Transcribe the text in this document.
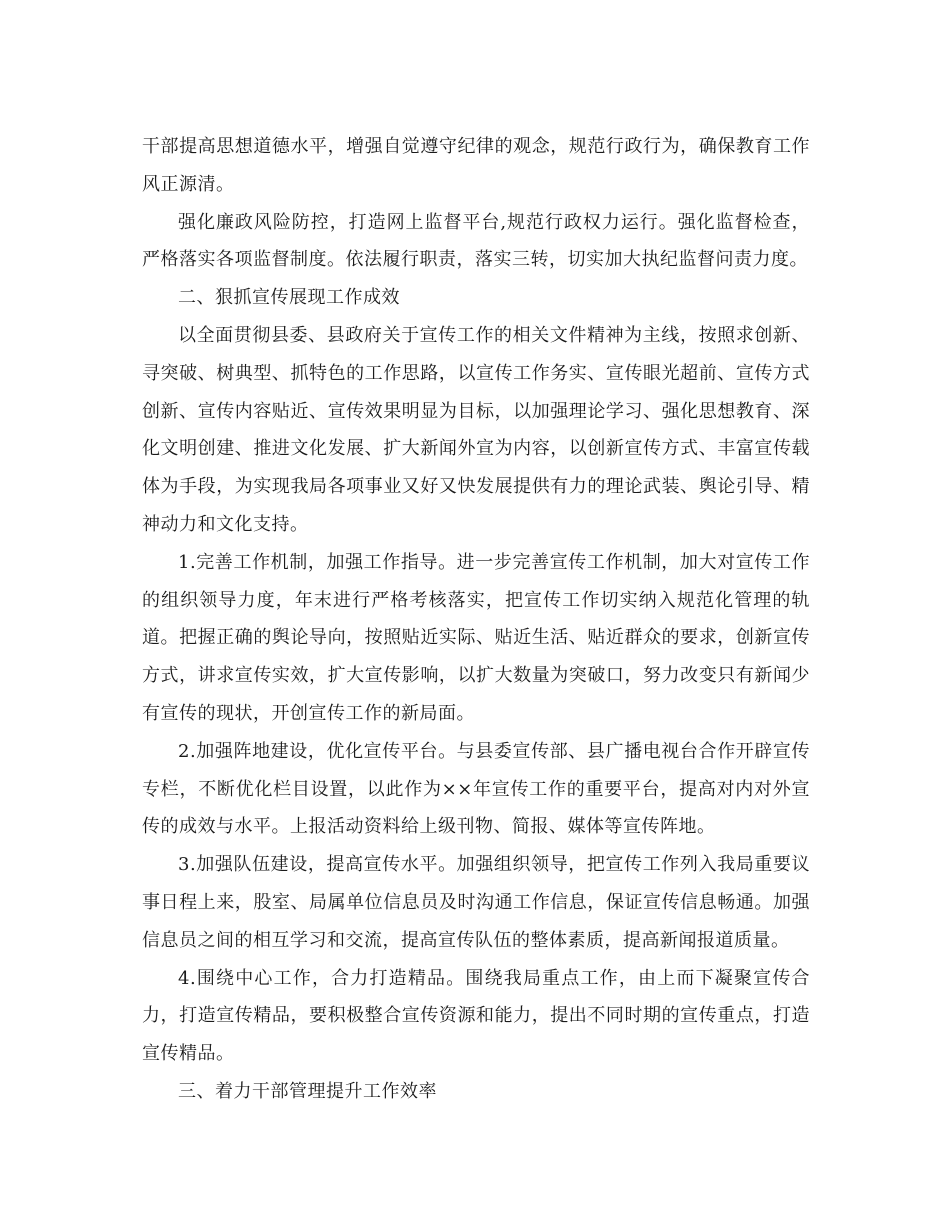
干部提高思想道德水平，增强自觉遵守纪律的观念，规范行政行为，确保教育工作风正源清。

强化廉政风险防控，打造网上监督平台,规范行政权力运行。强化监督检查，严格落实各项监督制度。依法履行职责，落实三转，切实加大执纪监督问责力度。

二、狠抓宣传展现工作成效

以全面贯彻县委、县政府关于宣传工作的相关文件精神为主线，按照求创新、寻突破、树典型、抓特色的工作思路，以宣传工作务实、宣传眼光超前、宣传方式创新、宣传内容贴近、宣传效果明显为目标，以加强理论学习、强化思想教育、深化文明创建、推进文化发展、扩大新闻外宣为内容，以创新宣传方式、丰富宣传载体为手段，为实现我局各项事业又好又快发展提供有力的理论武装、舆论引导、精神动力和文化支持。

1.完善工作机制，加强工作指导。进一步完善宣传工作机制，加大对宣传工作的组织领导力度，年末进行严格考核落实，把宣传工作切实纳入规范化管理的轨道。把握正确的舆论导向，按照贴近实际、贴近生活、贴近群众的要求，创新宣传方式，讲求宣传实效，扩大宣传影响，以扩大数量为突破口，努力改变只有新闻少有宣传的现状，开创宣传工作的新局面。

2.加强阵地建设，优化宣传平台。与县委宣传部、县广播电视台合作开辟宣传专栏，不断优化栏目设置，以此作为××年宣传工作的重要平台，提高对内对外宣传的成效与水平。上报活动资料给上级刊物、简报、媒体等宣传阵地。

3.加强队伍建设，提高宣传水平。加强组织领导，把宣传工作列入我局重要议事日程上来，股室、局属单位信息员及时沟通工作信息，保证宣传信息畅通。加强信息员之间的相互学习和交流，提高宣传队伍的整体素质，提高新闻报道质量。

4.围绕中心工作，合力打造精品。围绕我局重点工作，由上而下凝聚宣传合力，打造宣传精品，要积极整合宣传资源和能力，提出不同时期的宣传重点，打造宣传精品。

三、着力干部管理提升工作效率
